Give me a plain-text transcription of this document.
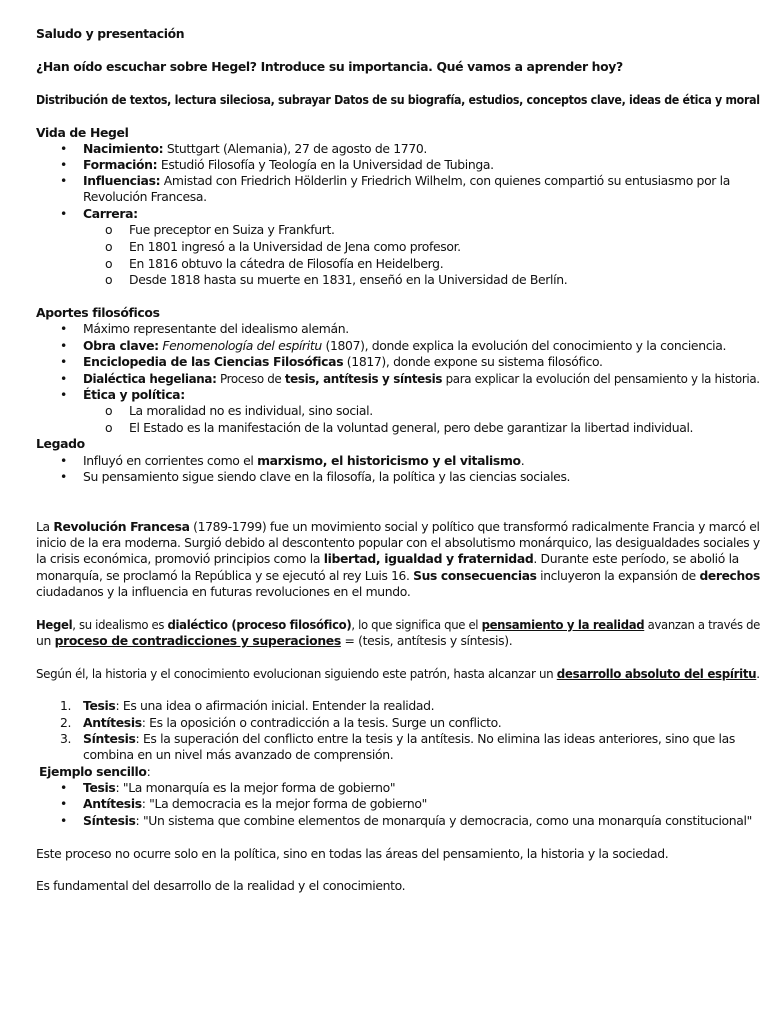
Saludo y presentación
¿Han oído escuchar sobre Hegel? Introduce su importancia. Qué vamos a aprender hoy?
Distribución de textos, lectura sileciosa, subrayar Datos de su biografía, estudios, conceptos clave, ideas de ética y moral
Vida de Hegel
• Nacimiento: Stuttgart (Alemania), 27 de agosto de 1770.
• Formación: Estudió Filosofía y Teología en la Universidad de Tubinga.
• Influencias: Amistad con Friedrich Hölderlin y Friedrich Wilhelm, con quienes compartió su entusiasmo por la
Revolución Francesa.
• Carrera:
o Fue preceptor en Suiza y Frankfurt.
o En 1801 ingresó a la Universidad de Jena como profesor.
o En 1816 obtuvo la cátedra de Filosofía en Heidelberg.
o Desde 1818 hasta su muerte en 1831, enseñó en la Universidad de Berlín.
Aportes filosóficos
• Máximo representante del idealismo alemán.
• Obra clave: Fenomenología del espíritu (1807), donde explica la evolución del conocimiento y la conciencia.
• Enciclopedia de las Ciencias Filosóficas (1817), donde expone su sistema filosófico.
• Dialéctica hegeliana: Proceso de tesis, antítesis y síntesis para explicar la evolución del pensamiento y la historia.
• Ética y política:
o La moralidad no es individual, sino social.
o El Estado es la manifestación de la voluntad general, pero debe garantizar la libertad individual.
Legado
• Influyó en corrientes como el marxismo, el historicismo y el vitalismo.
• Su pensamiento sigue siendo clave en la filosofía, la política y las ciencias sociales.
La Revolución Francesa (1789-1799) fue un movimiento social y político que transformó radicalmente Francia y marcó el
inicio de la era moderna. Surgió debido al descontento popular con el absolutismo monárquico, las desigualdades sociales y
la crisis económica, promovió principios como la libertad, igualdad y fraternidad. Durante este período, se abolió la
monarquía, se proclamó la República y se ejecutó al rey Luis 16. Sus consecuencias incluyeron la expansión de derechos
ciudadanos y la influencia en futuras revoluciones en el mundo.
Hegel, su idealismo es dialéctico (proceso filosófico), lo que significa que el pensamiento y la realidad avanzan a través de
un proceso de contradicciones y superaciones = (tesis, antítesis y síntesis).
Según él, la historia y el conocimiento evolucionan siguiendo este patrón, hasta alcanzar un desarrollo absoluto del espíritu.
1. Tesis: Es una idea o afirmación inicial. Entender la realidad.
2. Antítesis: Es la oposición o contradicción a la tesis. Surge un conflicto.
3. Síntesis: Es la superación del conflicto entre la tesis y la antítesis. No elimina las ideas anteriores, sino que las
combina en un nivel más avanzado de comprensión.
Ejemplo sencillo:
• Tesis: "La monarquía es la mejor forma de gobierno"
• Antítesis: "La democracia es la mejor forma de gobierno"
• Síntesis: "Un sistema que combine elementos de monarquía y democracia, como una monarquía constitucional"
Este proceso no ocurre solo en la política, sino en todas las áreas del pensamiento, la historia y la sociedad.
Es fundamental del desarrollo de la realidad y el conocimiento.
